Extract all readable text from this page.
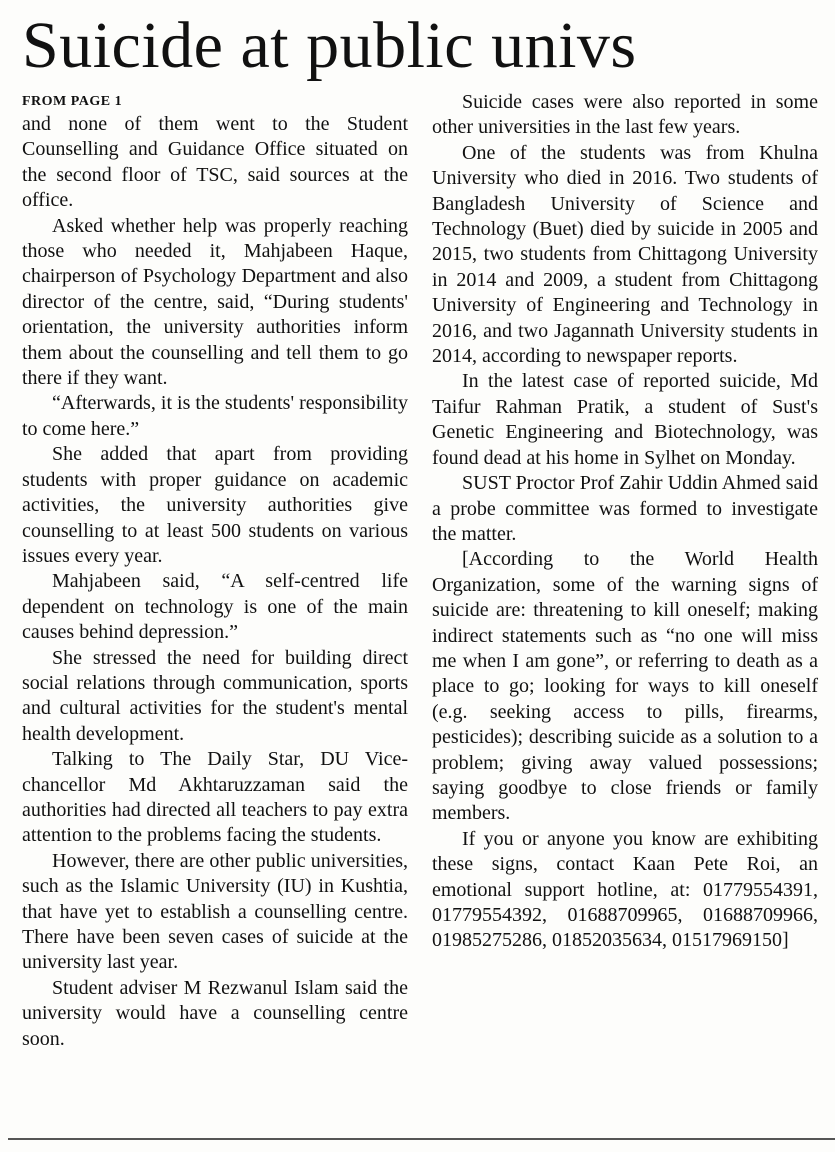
Suicide at public univs

FROM PAGE 1

and none of them went to the Student Counselling and Guidance Office situated on the second floor of TSC, said sources at the office.

Asked whether help was properly reaching those who needed it, Mahjabeen Haque, chairperson of Psychology Department and also director of the centre, said, “During students' orientation, the university authorities inform them about the counselling and tell them to go there if they want.

“Afterwards, it is the students' responsibility to come here.”

She added that apart from providing students with proper guidance on academic activities, the university authorities give counselling to at least 500 students on various issues every year.

Mahjabeen said, “A self-centred life dependent on technology is one of the main causes behind depression.”

She stressed the need for building direct social relations through communication, sports and cultural activities for the student's mental health development.

Talking to The Daily Star, DU Vice-chancellor Md Akhtaruzzaman said the authorities had directed all teachers to pay extra attention to the problems facing the students.

However, there are other public universities, such as the Islamic University (IU) in Kushtia, that have yet to establish a counselling centre. There have been seven cases of suicide at the university last year.

Student adviser M Rezwanul Islam said the university would have a counselling centre soon.

Suicide cases were also reported in some other universities in the last few years.

One of the students was from Khulna University who died in 2016. Two students of Bangladesh University of Science and Technology (Buet) died by suicide in 2005 and 2015, two students from Chittagong University in 2014 and 2009, a student from Chittagong University of Engineering and Technology in 2016, and two Jagannath University students in 2014, according to newspaper reports.

In the latest case of reported suicide, Md Taifur Rahman Pratik, a student of Sust's Genetic Engineering and Biotechnology, was found dead at his home in Sylhet on Monday.

SUST Proctor Prof Zahir Uddin Ahmed said a probe committee was formed to investigate the matter.

[According to the World Health Organization, some of the warning signs of suicide are: threatening to kill oneself; making indirect statements such as “no one will miss me when I am gone”, or referring to death as a place to go; looking for ways to kill oneself (e.g. seeking access to pills, firearms, pesticides); describing suicide as a solution to a problem; giving away valued possessions; saying goodbye to close friends or family members.

If you or anyone you know are exhibiting these signs, contact Kaan Pete Roi, an emotional support hotline, at: 01779554391, 01779554392, 01688709965, 01688709966, 01985275286, 01852035634, 01517969150]
